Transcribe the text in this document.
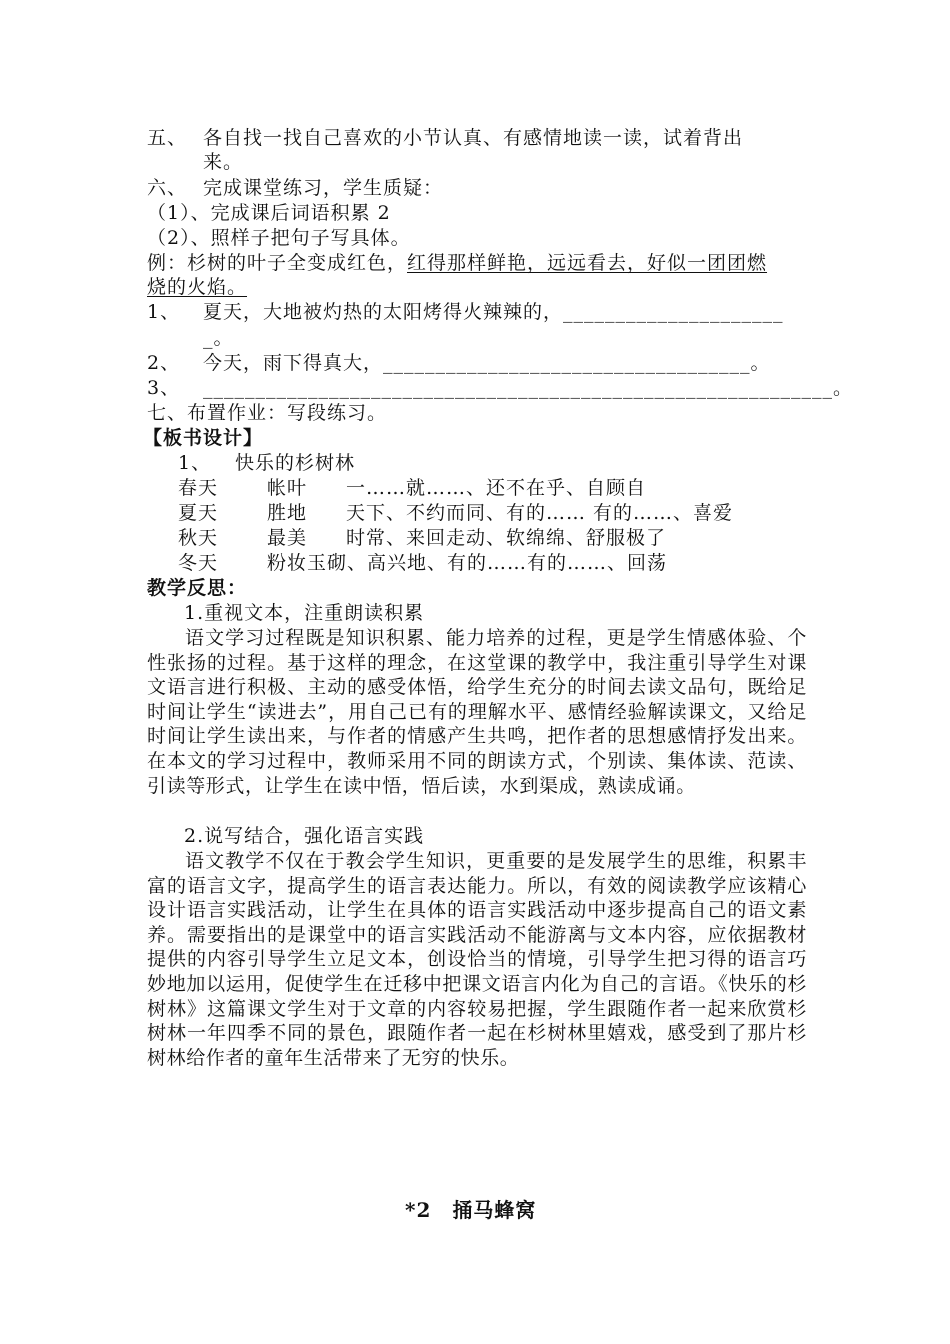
五、 各自找一找自己喜欢的小节认真、有感情地读一读，试着背出
来。
六、 完成课堂练习，学生质疑：
（1）、完成课后词语积累 2
（2）、照样子把句子写具体。
例：杉树的叶子全变成红色，红得那样鲜艳，远远看去，好似一团团燃
烧的火焰。
1、 夏天，大地被灼热的太阳烤得火辣辣的，_____________________
_。
2、 今天，雨下得真大，___________________________________。
3、 ____________________________________________________________。
七、布置作业：写段练习。
【板书设计】
1、 快乐的杉树林
春天	帐叶 一……就……、还不在乎、自顾自
夏天	胜地 天下、不约而同、有的…… 有的……、喜爱
秋天	最美 时常、来回走动、软绵绵、舒服极了
冬天	粉妆玉砌、高兴地、有的……有的……、回荡
教学反思：
1.重视文本，注重朗读积累
语文学习过程既是知识积累、能力培养的过程，更是学生情感体验、个性张扬的过程。基于这样的理念，在这堂课的教学中，我注重引导学生对课文语言进行积极、主动的感受体悟，给学生充分的时间去读文品句，既给足时间让学生“读进去”，用自己已有的理解水平、感情经验解读课文，又给足时间让学生读出来，与作者的情感产生共鸣，把作者的思想感情抒发出来。在本文的学习过程中，教师采用不同的朗读方式，个别读、集体读、范读、引读等形式，让学生在读中悟，悟后读，水到渠成，熟读成诵。
2.说写结合，强化语言实践
语文教学不仅在于教会学生知识，更重要的是发展学生的思维，积累丰富的语言文字，提高学生的语言表达能力。所以，有效的阅读教学应该精心设计语言实践活动，让学生在具体的语言实践活动中逐步提高自己的语文素养。需要指出的是课堂中的语言实践活动不能游离与文本内容，应依据教材提供的内容引导学生立足文本，创设恰当的情境，引导学生把习得的语言巧妙地加以运用，促使学生在迁移中把课文语言内化为自己的言语。《快乐的杉树林》这篇课文学生对于文章的内容较易把握，学生跟随作者一起来欣赏杉树林一年四季不同的景色，跟随作者一起在杉树林里嬉戏，感受到了那片杉树林给作者的童年生活带来了无穷的快乐。
*2　捅马蜂窝
